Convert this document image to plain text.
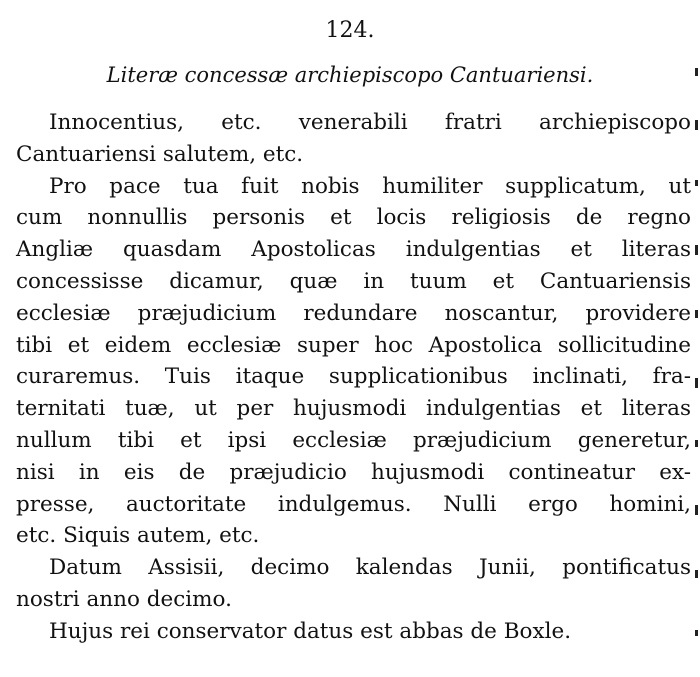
124.
Literæ concessæ archiepiscopo Cantuariensi.
Innocentius, etc. venerabili fratri archiepiscopo
Cantuariensi salutem, etc.
Pro pace tua fuit nobis humiliter supplicatum, ut
cum nonnullis personis et locis religiosis de regno
Angliæ quasdam Apostolicas indulgentias et literas
concessisse dicamur, quæ in tuum et Cantuariensis
ecclesiæ præjudicium redundare noscantur, providere
tibi et eidem ecclesiæ super hoc Apostolica sollicitudine
curaremus. Tuis itaque supplicationibus inclinati, fra-
ternitati tuæ, ut per hujusmodi indulgentias et literas
nullum tibi et ipsi ecclesiæ præjudicium generetur,
nisi in eis de præjudicio hujusmodi contineatur ex-
presse, auctoritate indulgemus. Nulli ergo homini,
etc. Siquis autem, etc.
Datum Assisii, decimo kalendas Junii, pontificatus
nostri anno decimo.
Hujus rei conservator datus est abbas de Boxle.
